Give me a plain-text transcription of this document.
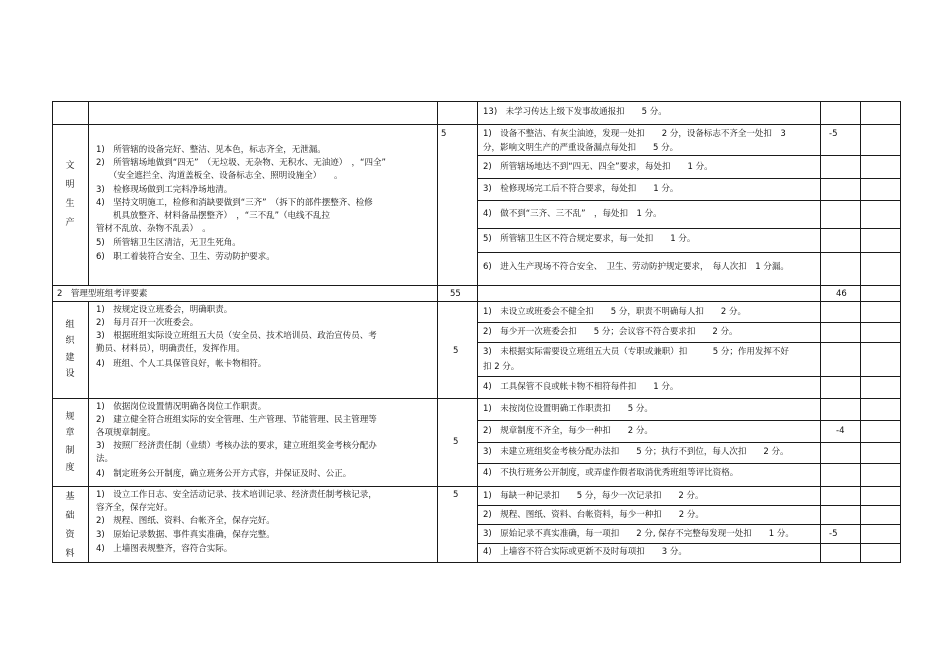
13)　未学习传达上级下发事故通报扣　　5 分。
文
明
生
产
5
1)　所管辖的设备完好、整洁、见本色，标志齐全，无泄漏。
2)　所管辖场地做到“四无”　（无垃圾、无杂物、无积水、无油迹）　，“四全”
　　（安全遮拦全、沟道盖板全、设备标志全、照明设施全）　　。
3)　检修现场做到工完料净场地清。
4)　坚持文明施工，检修和消缺要做到“三齐”　（拆下的部件摆整齐、检修
　　机具放整齐、材料备品摆整齐）　，“三不乱”（电线不乱拉
管材不乱放、杂物不乱丢）　。
5)　所管辖卫生区清洁，无卫生死角。
6)　职工着装符合安全、卫生、劳动防护要求。
1)　设备不整洁、有灰尘油迹，发现一处扣　　2 分，设备标志不齐全一处扣　3
分，影响文明生产的严重设备漏点每处扣　　5 分。
2)　所管辖场地达不到“四无、四全”要求，每处扣　　1 分。
3)　检修现场完工后不符合要求，每处扣　　1 分。
4)　做不到“三齐、三不乱”　，每处扣　1 分。
5)　所管辖卫生区不符合规定要求，每一处扣　　1 分。
6)　进入生产现场不符合安全、　卫生、劳动防护规定要求，　每人次扣　1 分漏。
-5
2　管理型班组考评要素	55	46
组
织
建
设
5
1)　按规定设立班委会，明确职责。
2)　每月召开一次班委会。
3)　根据班组实际设立班组五大员（安全员、技术培训员、政治宣传员、考
勤员、材料员），明确责任，发挥作用。
4)　班组、个人工具保管良好，帐卡物相符。
1)　未设立或班委会不健全扣　　5 分，职责不明确每人扣　　2 分。
2)　每少开一次班委会扣　　5 分；会议容不符合要求扣　　2 分。
3)　未根据实际需要设立班组五大员（专职或兼职）扣　　　5 分；作用发挥不好
扣 2 分。
4)　工具保管不良或帐卡物不相符每件扣　　1 分。
规
章
制
度
5
1)　依据岗位设置情况明确各岗位工作职责。
2)　建立健全符合班组实际的安全管理、生产管理、节能管理、民主管理等
各项规章制度。
3)　按照厂经济责任制（业绩）考核办法的要求，建立班组奖金考核分配办
法。
4)　制定班务公开制度，确立班务公开方式容，并保证及时、公正。
1)　未按岗位设置明确工作职责扣　　5 分。
2)　规章制度不齐全，每少一种扣　　2 分。
3)　未建立班组奖金考核分配办法扣　　5 分；执行不到位，每人次扣　　2 分。
4)　不执行班务公开制度，或弄虚作假者取消优秀班组等评比资格。
-4
基
础
资
料
5
1)　设立工作日志、安全活动记录、技术培训记录、经济责任制考核记录，
容齐全，保存完好。
2)　规程、图纸、资料、台帐齐全，保存完好。
3)　原始记录数据、事件真实准确，保存完整。
4)　上墙图表规整齐，容符合实际。
1)　每缺一种记录扣　　5 分，每少一次记录扣　　2 分。
2)　规程、图纸、资料、台帐资料，每少一种扣　　2 分。
3)　原始记录不真实准确，每一项扣　　2 分, 保存不完整每发现一处扣　　1 分。
4)　上墙容不符合实际或更新不及时每项扣　　3 分。
-5
